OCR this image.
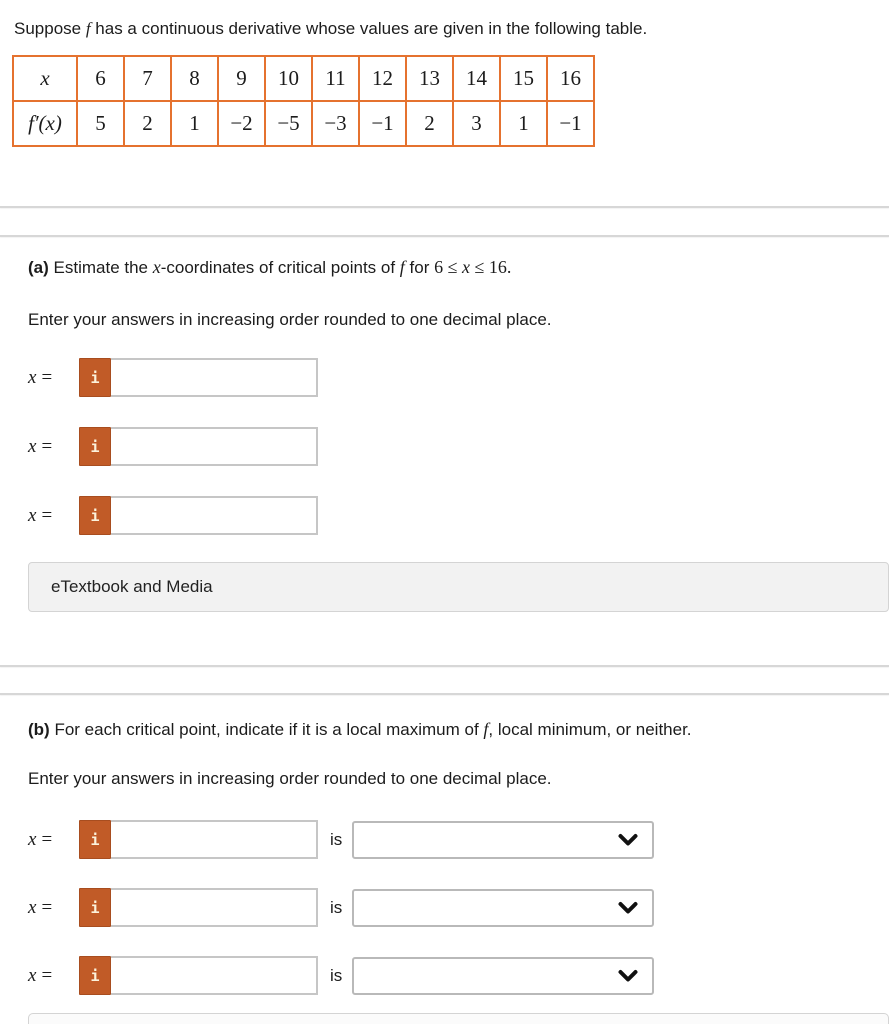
Suppose f has a continuous derivative whose values are given in the following table.
x	6	7	8	9	10	11	12	13	14	15	16
f′(x)	5	2	1	−2	−5	−3	−1	2	3	1	−1
(a) Estimate the x-coordinates of critical points of f for 6 ≤ x ≤ 16.
Enter your answers in increasing order rounded to one decimal place.
x =	i
x =	i
x =	i
eTextbook and Media
(b) For each critical point, indicate if it is a local maximum of f, local minimum, or neither.
Enter your answers in increasing order rounded to one decimal place.
x =	i	is
x =	i	is
x =	i	is
